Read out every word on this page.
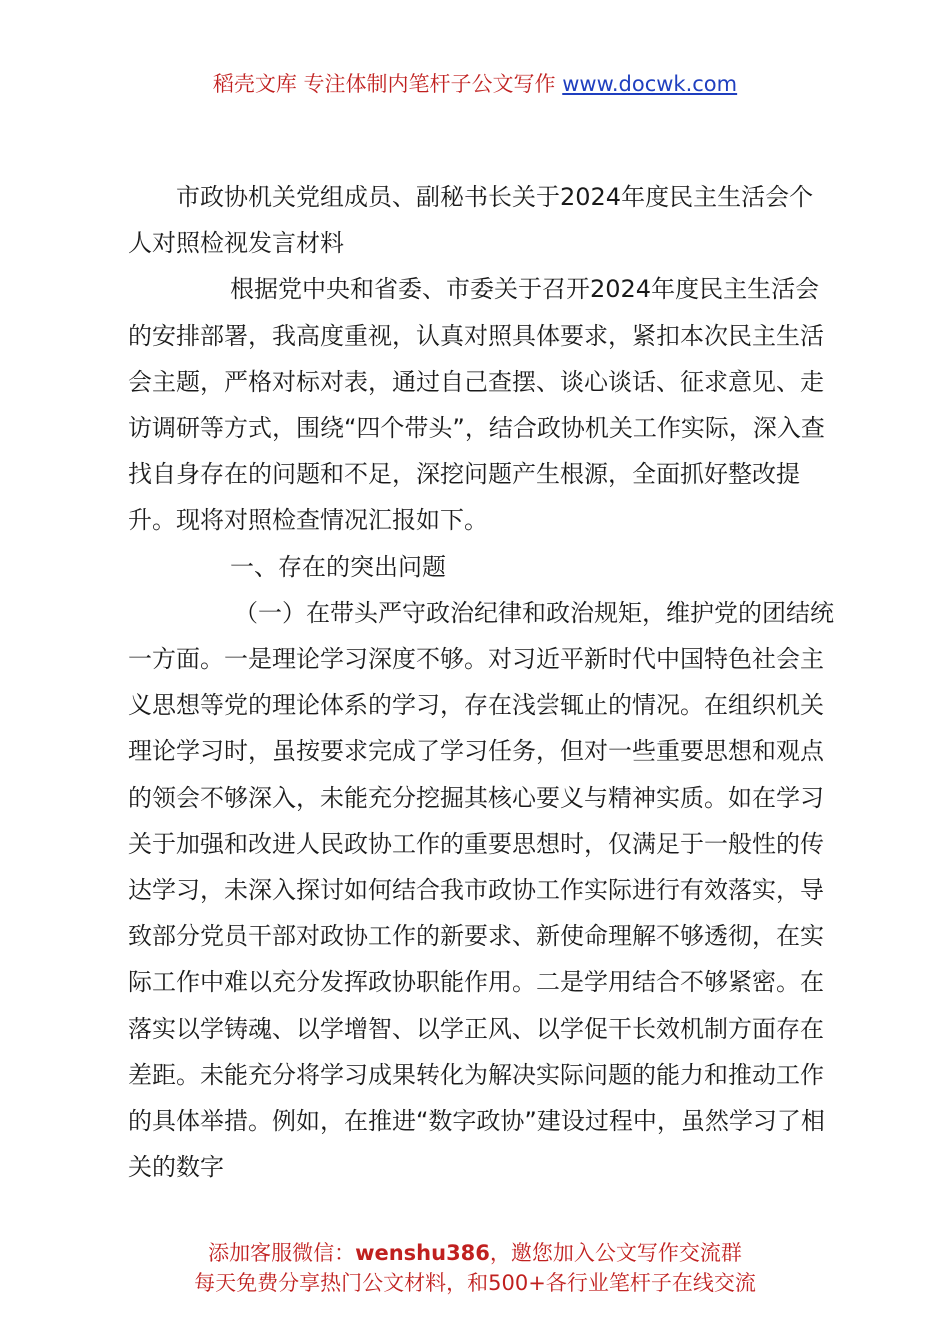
稻壳文库 专注体制内笔杆子公文写作 www.docwk.com

市政协机关党组成员、副秘书长关于2024年度民主生活会个人对照检视发言材料

根据党中央和省委、市委关于召开2024年度民主生活会的安排部署，我高度重视，认真对照具体要求，紧扣本次民主生活会主题，严格对标对表，通过自己查摆、谈心谈话、征求意见、走访调研等方式，围绕“四个带头”，结合政协机关工作实际，深入查找自身存在的问题和不足，深挖问题产生根源，全面抓好整改提升。现将对照检查情况汇报如下。

一、存在的突出问题

（一）在带头严守政治纪律和政治规矩，维护党的团结统一方面。一是理论学习深度不够。对习近平新时代中国特色社会主义思想等党的理论体系的学习，存在浅尝辄止的情况。在组织机关理论学习时，虽按要求完成了学习任务，但对一些重要思想和观点的领会不够深入，未能充分挖掘其核心要义与精神实质。如在学习关于加强和改进人民政协工作的重要思想时，仅满足于一般性的传达学习，未深入探讨如何结合我市政协工作实际进行有效落实，导致部分党员干部对政协工作的新要求、新使命理解不够透彻，在实际工作中难以充分发挥政协职能作用。二是学用结合不够紧密。在落实以学铸魂、以学增智、以学正风、以学促干长效机制方面存在差距。未能充分将学习成果转化为解决实际问题的能力和推动工作的具体举措。例如，在推进“数字政协”建设过程中，虽然学习了相关的数字

添加客服微信：wenshu386，邀您加入公文写作交流群
每天免费分享热门公文材料，和500+各行业笔杆子在线交流
